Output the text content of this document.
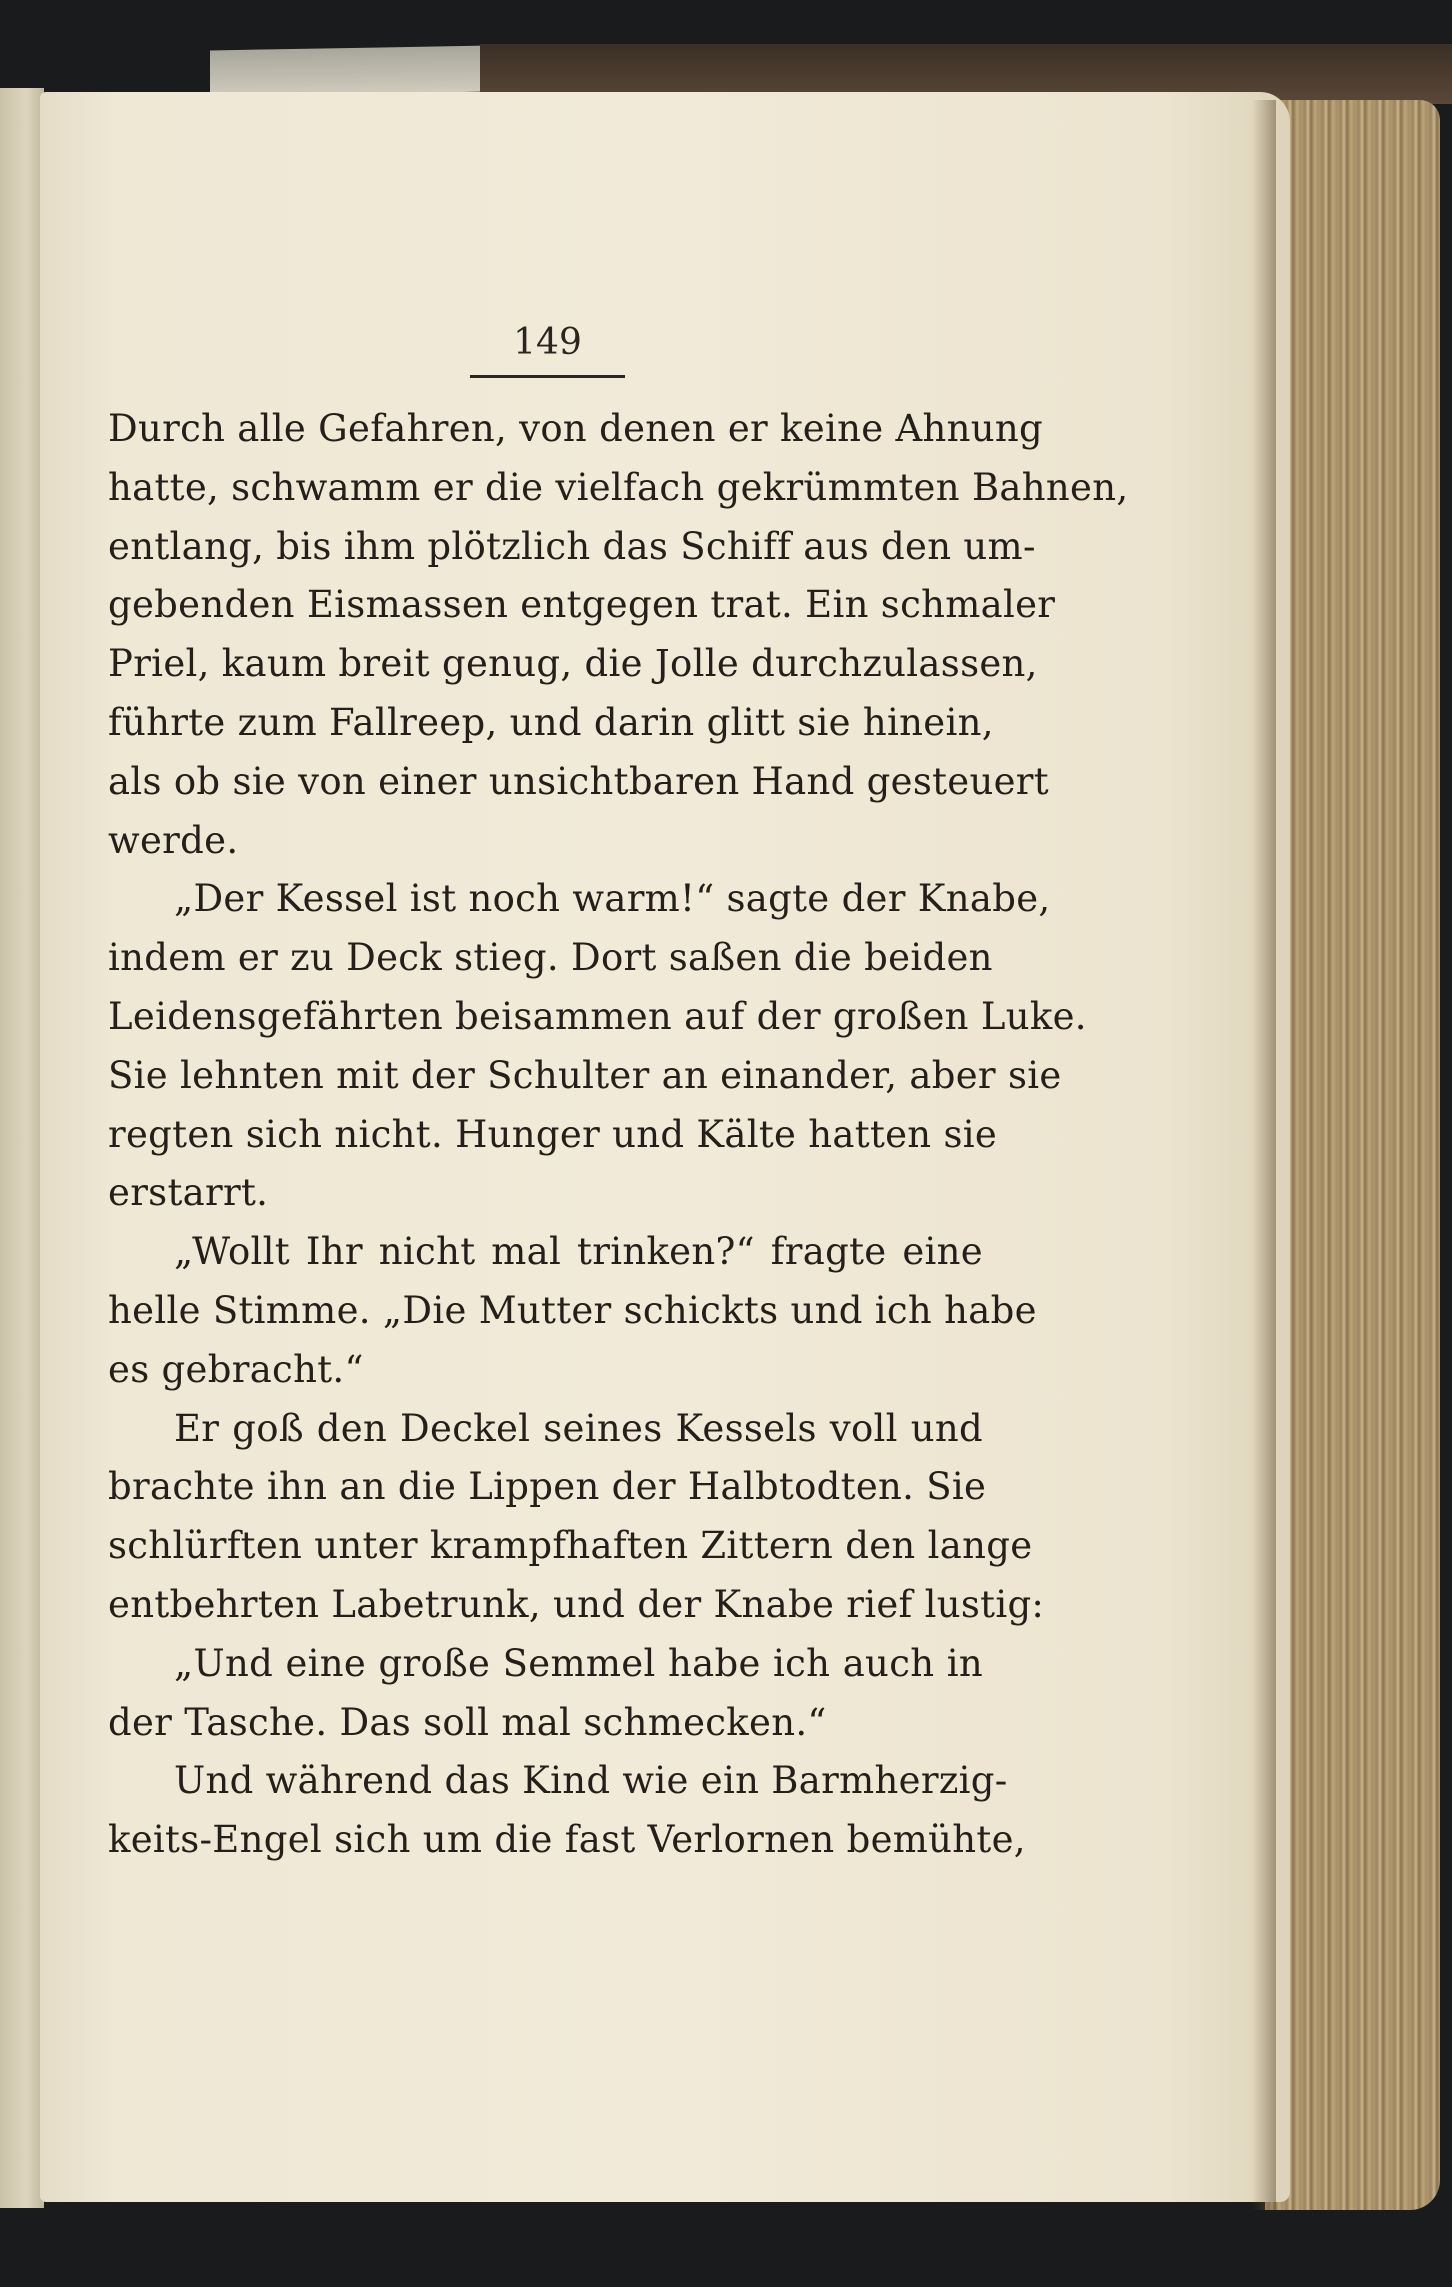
149
Durch alle Gefahren, von denen er keine Ahnung
hatte, schwamm er die vielfach gekrümmten Bahnen,
entlang, bis ihm plötzlich das Schiff aus den um-
gebenden Eismassen entgegen trat. Ein schmaler
Priel, kaum breit genug, die Jolle durchzulassen,
führte zum Fallreep, und darin glitt sie hinein,
als ob sie von einer unsichtbaren Hand gesteuert
werde.
„Der Kessel ist noch warm!“ sagte der Knabe,
indem er zu Deck stieg. Dort saßen die beiden
Leidensgefährten beisammen auf der großen Luke.
Sie lehnten mit der Schulter an einander, aber sie
regten sich nicht. Hunger und Kälte hatten sie
erstarrt.
„Wollt Ihr nicht mal trinken?“ fragte eine
helle Stimme. „Die Mutter schickts und ich habe
es gebracht.“
Er goß den Deckel seines Kessels voll und
brachte ihn an die Lippen der Halbtodten. Sie
schlürften unter krampfhaften Zittern den lange
entbehrten Labetrunk, und der Knabe rief lustig:
„Und eine große Semmel habe ich auch in
der Tasche. Das soll mal schmecken.“
Und während das Kind wie ein Barmherzig-
keits-Engel sich um die fast Verlornen bemühte,
